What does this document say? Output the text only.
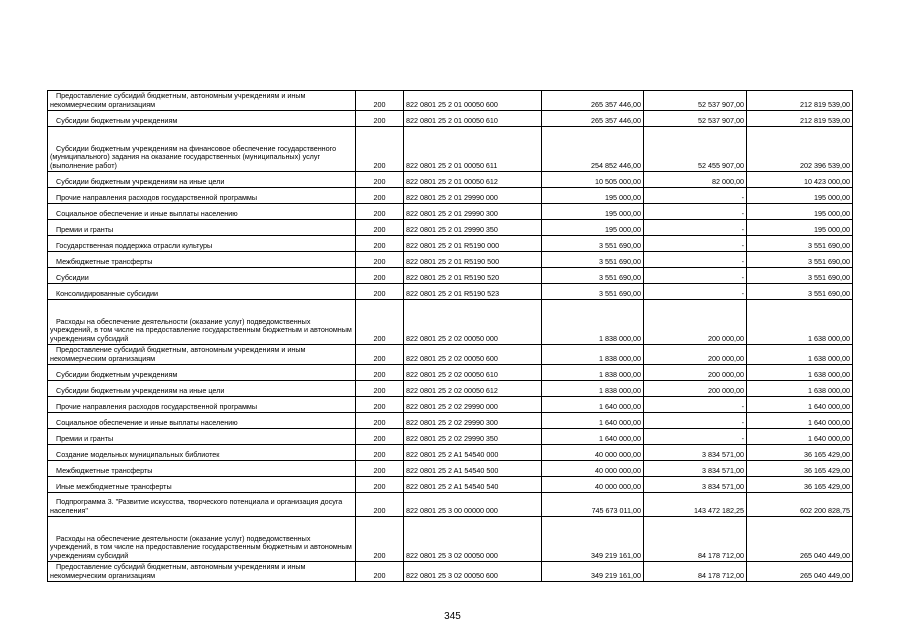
Предоставление субсидий бюджетным, автономным учреждениям и иным некоммерческим организациям	200	822 0801 25 2 01 00050 600	265 357 446,00	52 537 907,00	212 819 539,00
Субсидии бюджетным учреждениям	200	822 0801 25 2 01 00050 610	265 357 446,00	52 537 907,00	212 819 539,00
Субсидии бюджетным учреждениям на финансовое обеспечение государственного (муниципального) задания на оказание государственных (муниципальных) услуг (выполнение работ)	200	822 0801 25 2 01 00050 611	254 852 446,00	52 455 907,00	202 396 539,00
Субсидии бюджетным учреждениям на иные цели	200	822 0801 25 2 01 00050 612	10 505 000,00	82 000,00	10 423 000,00
Прочие направления расходов государственной программы	200	822 0801 25 2 01 29990 000	195 000,00	-	195 000,00
Социальное обеспечение и иные выплаты населению	200	822 0801 25 2 01 29990 300	195 000,00	-	195 000,00
Премии и гранты	200	822 0801 25 2 01 29990 350	195 000,00	-	195 000,00
Государственная поддержка отрасли культуры	200	822 0801 25 2 01 R5190 000	3 551 690,00	-	3 551 690,00
Межбюджетные трансферты	200	822 0801 25 2 01 R5190 500	3 551 690,00	-	3 551 690,00
Субсидии	200	822 0801 25 2 01 R5190 520	3 551 690,00	-	3 551 690,00
Консолидированные субсидии	200	822 0801 25 2 01 R5190 523	3 551 690,00	-	3 551 690,00
Расходы на обеспечение деятельности (оказание услуг) подведомственных учреждений, в том числе на предоставление государственным бюджетным и автономным учреждениям субсидий	200	822 0801 25 2 02 00050 000	1 838 000,00	200 000,00	1 638 000,00
Предоставление субсидий бюджетным, автономным учреждениям и иным некоммерческим организациям	200	822 0801 25 2 02 00050 600	1 838 000,00	200 000,00	1 638 000,00
Субсидии бюджетным учреждениям	200	822 0801 25 2 02 00050 610	1 838 000,00	200 000,00	1 638 000,00
Субсидии бюджетным учреждениям на иные цели	200	822 0801 25 2 02 00050 612	1 838 000,00	200 000,00	1 638 000,00
Прочие направления расходов государственной программы	200	822 0801 25 2 02 29990 000	1 640 000,00	-	1 640 000,00
Социальное обеспечение и иные выплаты населению	200	822 0801 25 2 02 29990 300	1 640 000,00	-	1 640 000,00
Премии и гранты	200	822 0801 25 2 02 29990 350	1 640 000,00	-	1 640 000,00
Создание модельных муниципальных библиотек	200	822 0801 25 2 A1 54540 000	40 000 000,00	3 834 571,00	36 165 429,00
Межбюджетные трансферты	200	822 0801 25 2 A1 54540 500	40 000 000,00	3 834 571,00	36 165 429,00
Иные межбюджетные трансферты	200	822 0801 25 2 A1 54540 540	40 000 000,00	3 834 571,00	36 165 429,00
Подпрограмма 3. "Развитие искусства, творческого потенциала и организация досуга населения"	200	822 0801 25 3 00 00000 000	745 673 011,00	143 472 182,25	602 200 828,75
Расходы на обеспечение деятельности (оказание услуг) подведомственных учреждений, в том числе на предоставление государственным бюджетным и автономным учреждениям субсидий	200	822 0801 25 3 02 00050 000	349 219 161,00	84 178 712,00	265 040 449,00
Предоставление субсидий бюджетным, автономным учреждениям и иным некоммерческим организациям	200	822 0801 25 3 02 00050 600	349 219 161,00	84 178 712,00	265 040 449,00
345
